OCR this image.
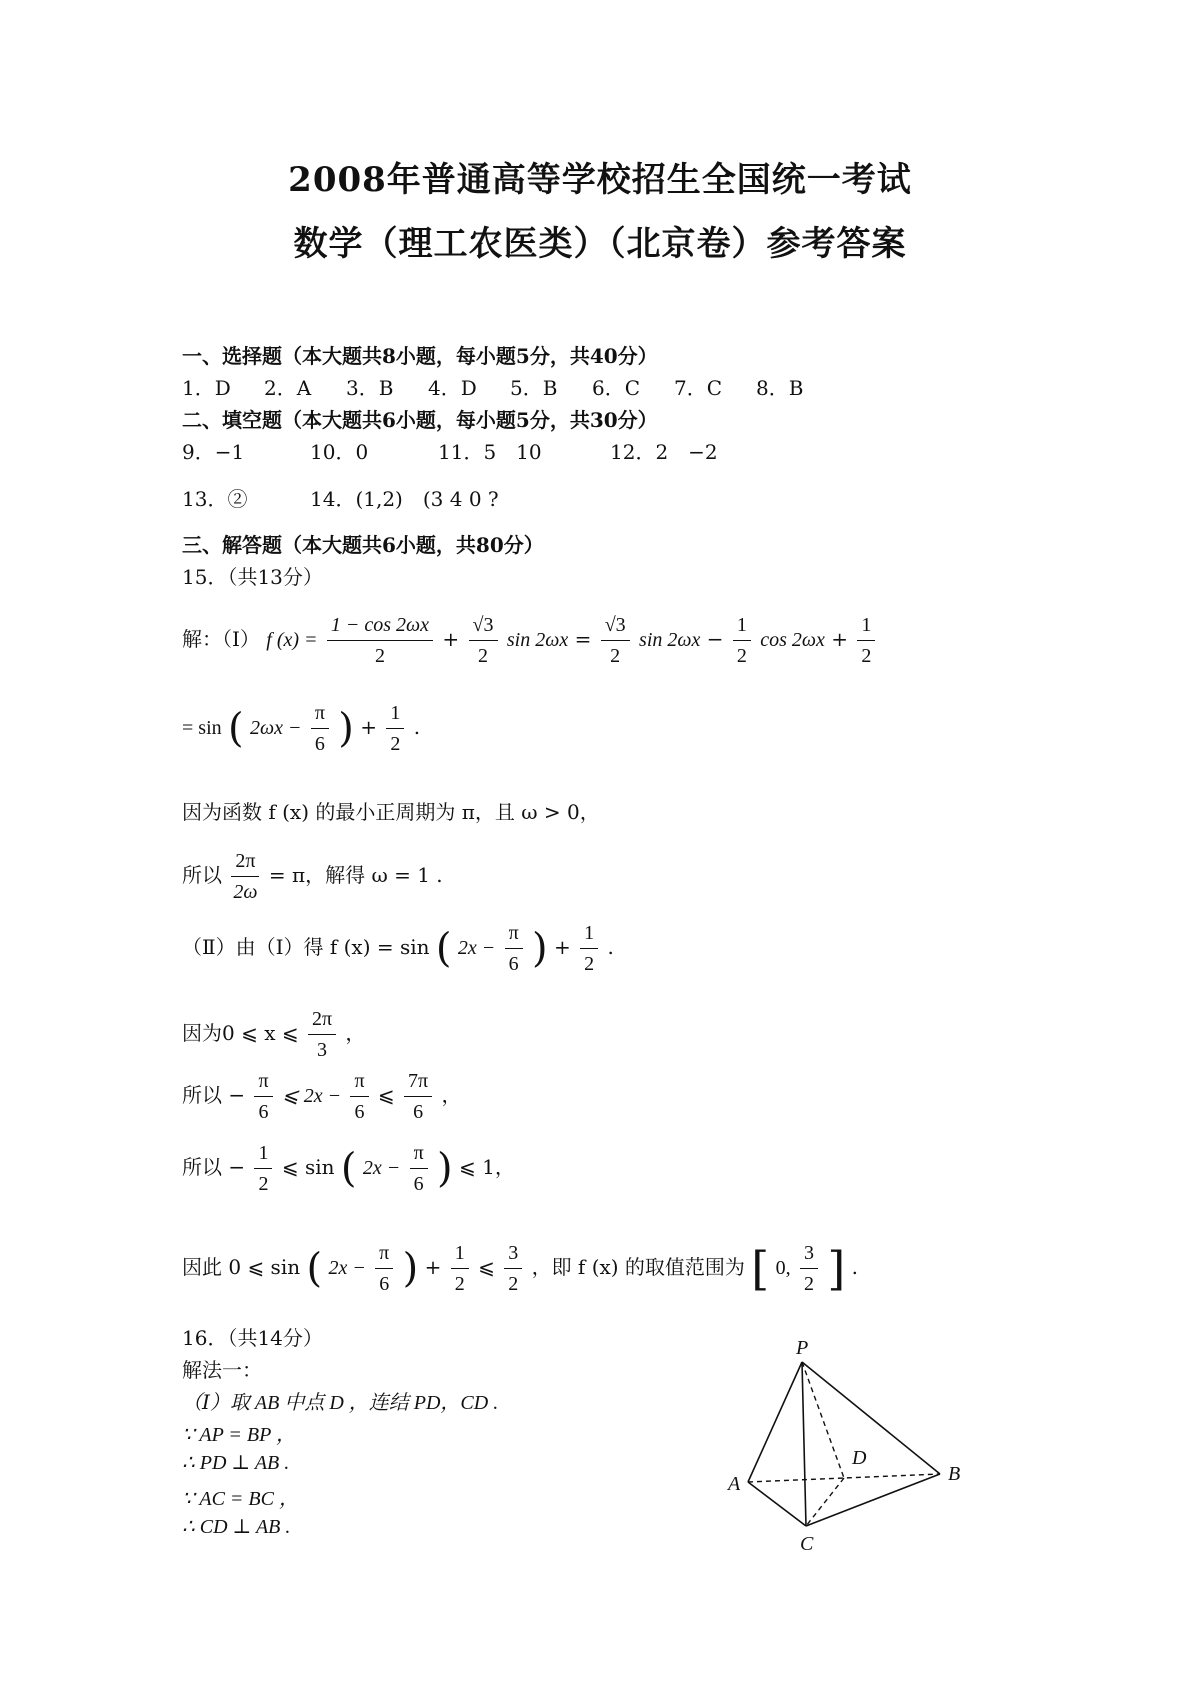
2008年普通高等学校招生全国统一考试
数学（理工农医类）（北京卷）参考答案
一、选择题（本大题共8小题，每小题5分，共40分）
1．D 2．A 3．B 4．D 5．B 6．C 7．C 8．B
二、填空题（本大题共6小题，每小题5分，共30分）
9．−1	10．0	11．5　10	12．2　−2
13．②	14．(1,2)　(3 4 0 ?
三、解答题（本大题共6小题，共80分）
15．（共13分）
解：（Ⅰ） f $(x) = \frac{1 - \cos 2\omega x}{2} + \frac{√3}{2}$ $\sin 2\omega x = \frac{√3}{2}$ $\sin 2\omega x - \frac{1}{2}$ $\cos 2\omega x + \frac{1}{2}$
= sin ( $2\omega x - \frac{\pi}{6}$ ) + $\frac{1}{2}$ .
因为函数 f (x) 的最小正周期为 π，且 ω > 0，
所以 $\frac{2\pi}{2\omega} = \pi$，解得 ω = 1 .
（Ⅱ）由（Ⅰ）得 f (x) = sin ( $2x - \frac{\pi}{6}$ ) + $\frac{1}{2}$ .
因为0 ⩽ x ⩽ $\frac{2\pi}{3}$ ，
所以 − $\frac{\pi}{6}$ ⩽ $2x - \frac{\pi}{6}$ ⩽ $\frac{7\pi}{6}$ ，
所以 − $\frac{1}{2}$ ⩽ sin ( $2x - \frac{\pi}{6}$ ) ⩽ 1，
因此 0 ⩽ sin ( $2x - \frac{\pi}{6}$ ) + $\frac{1}{2}$ ⩽ $\frac{3}{2}$ ，即 f (x) 的取值范围为 [ 0, $\frac{3}{2}$ ] .
16．（共14分）
解法一：
（Ⅰ）取 AB 中点 D ，连结 PD，CD .
∵ AP = BP ，
∴ PD ⊥ AB .
∵ AC = BC ，
∴ CD ⊥ AB .
P
A	B
C
D
